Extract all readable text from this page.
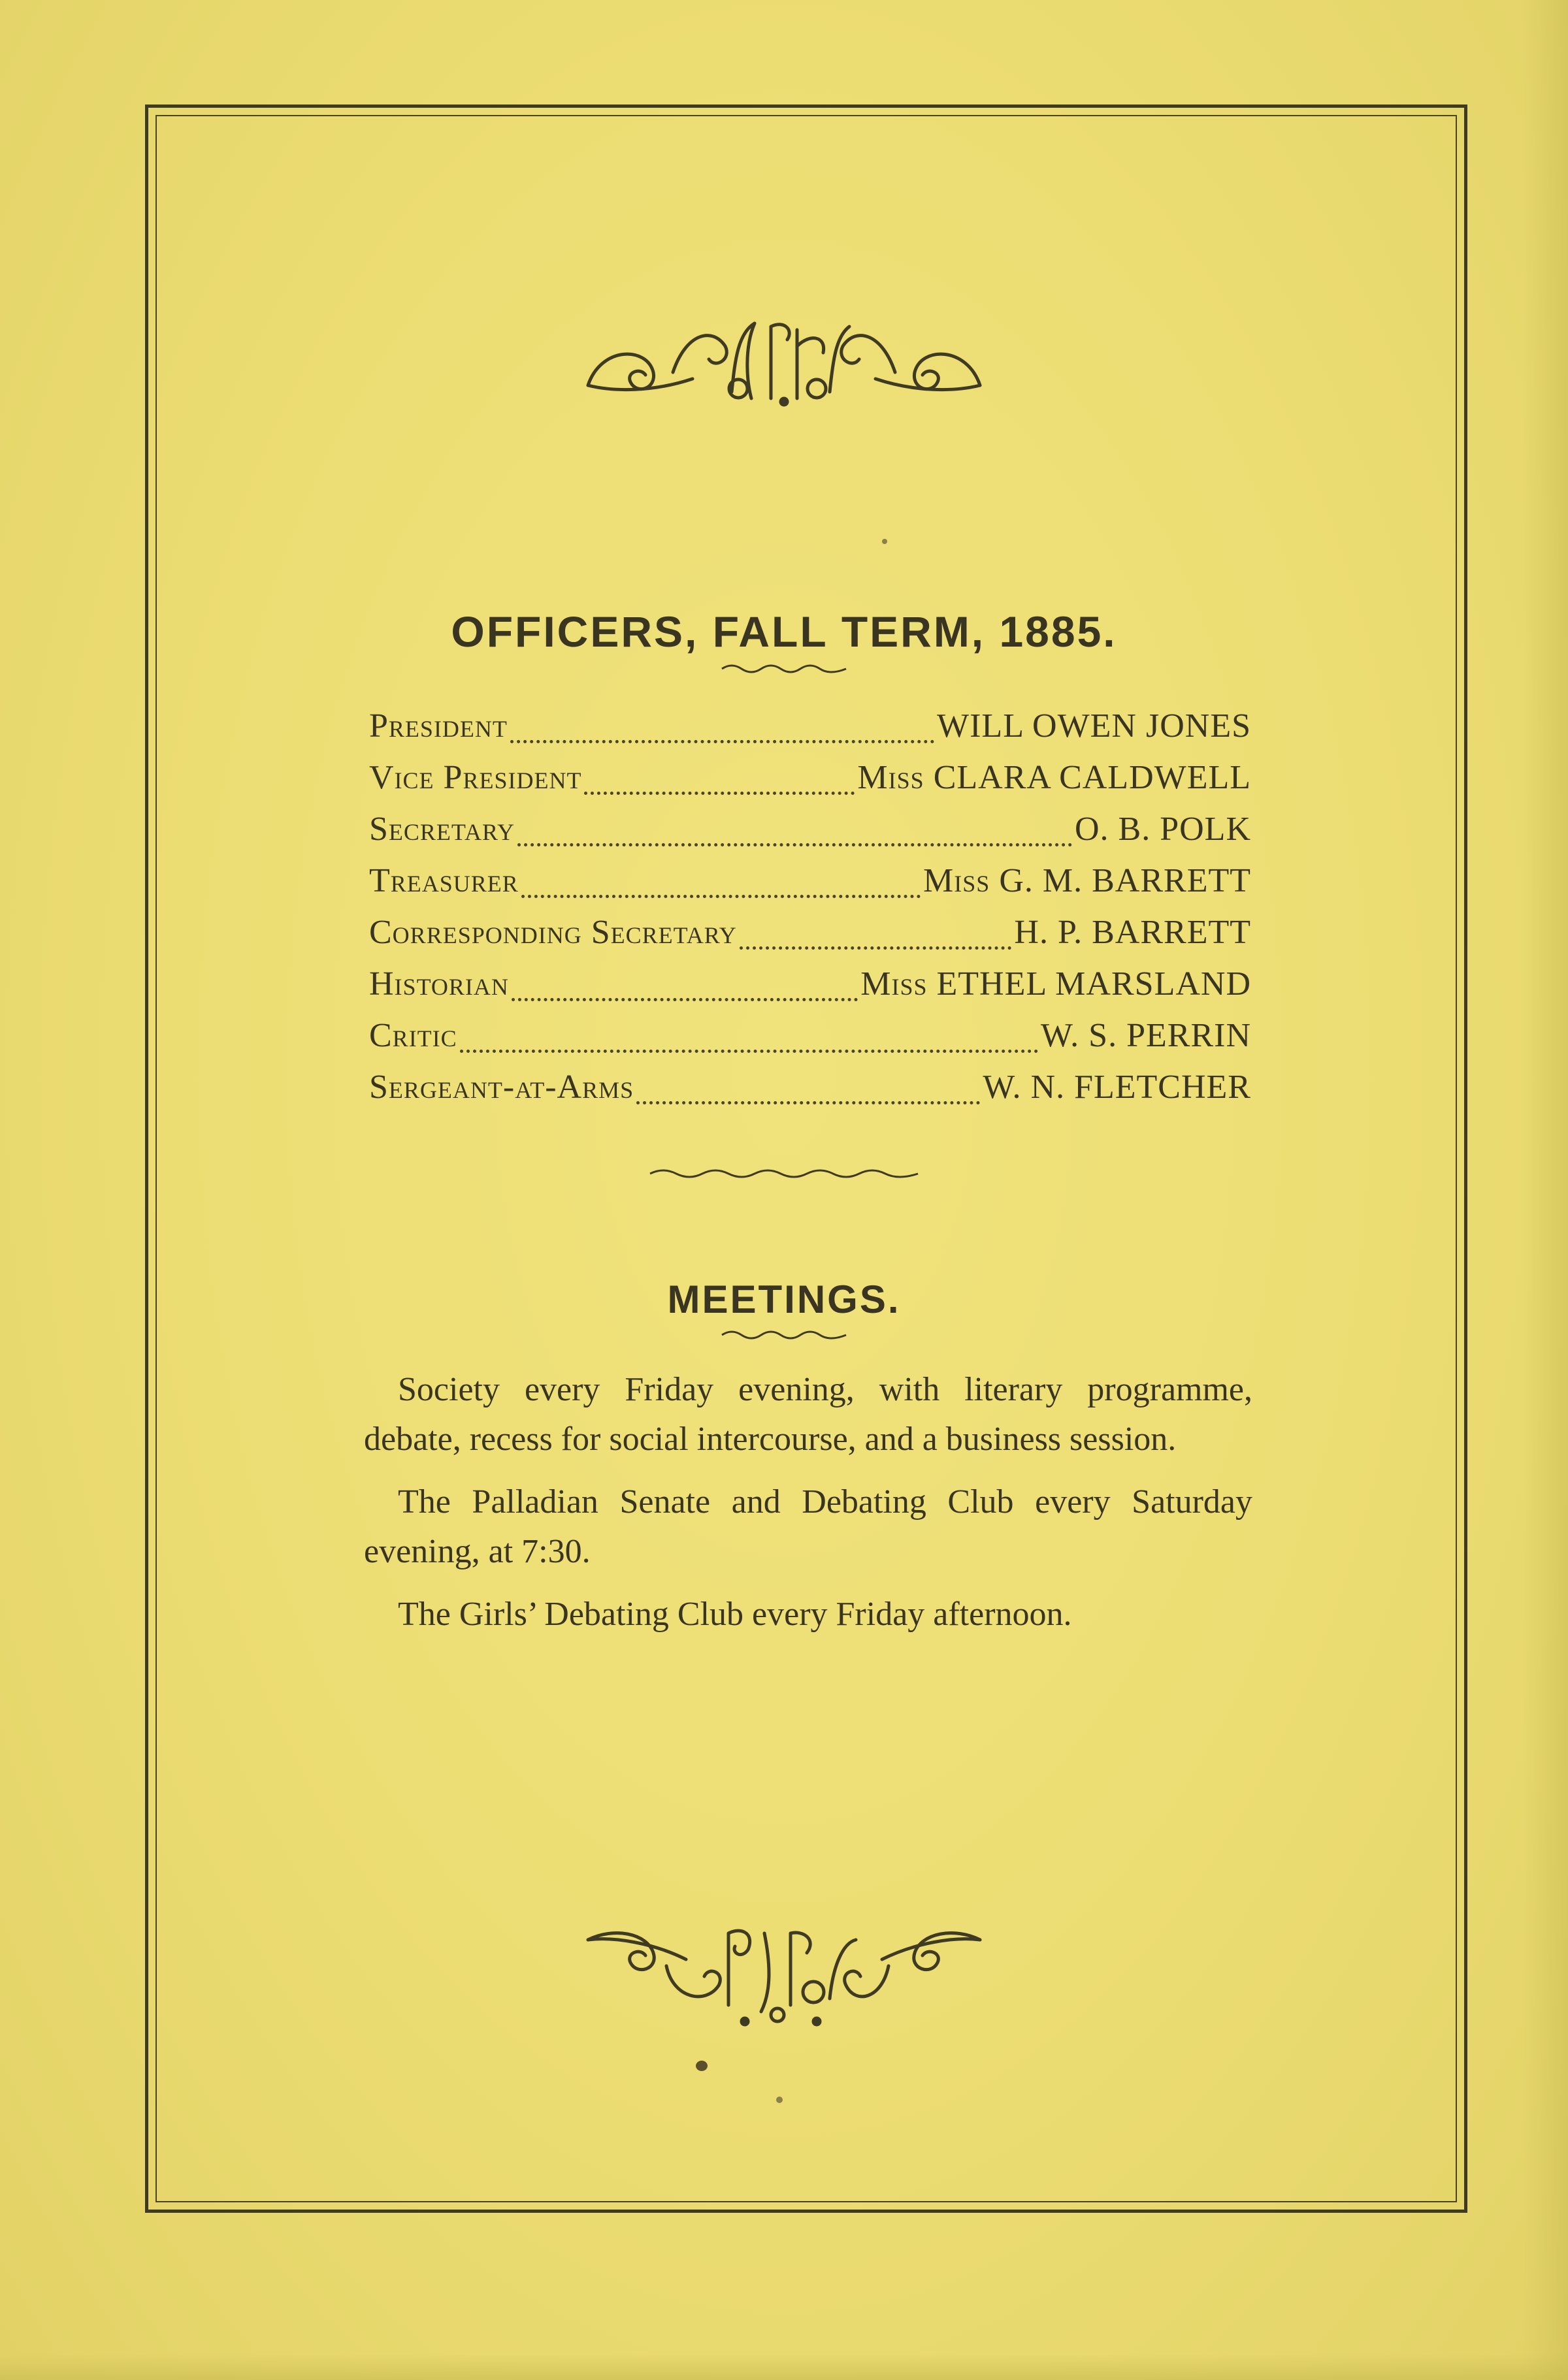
OFFICERS, FALL TERM, 1885.
President	WILL OWEN JONES
Vice President	Miss CLARA CALDWELL
Secretary	O. B. POLK
Treasurer	Miss G. M. BARRETT
Corresponding Secretary	H. P. BARRETT
Historian	Miss ETHEL MARSLAND
Critic	W. S. PERRIN
Sergeant-at-Arms	W. N. FLETCHER
MEETINGS.

Society every Friday evening, with literary programme, debate, recess for social intercourse, and a business session.

The Palladian Senate and Debating Club every Saturday evening, at 7:30.

The Girls’ Debating Club every Friday afternoon.
